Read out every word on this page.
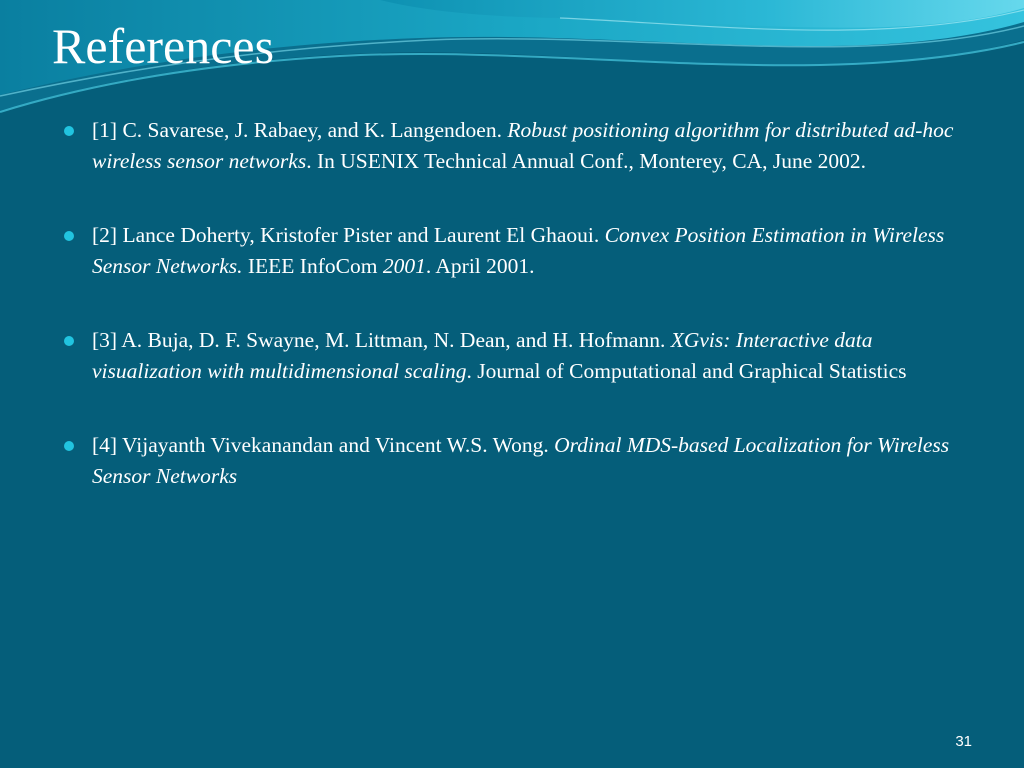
References
[1] C. Savarese, J. Rabaey, and K. Langendoen. Robust positioning algorithm for distributed ad-hoc wireless sensor networks. In USENIX Technical Annual Conf., Monterey, CA, June 2002.
[2] Lance Doherty, Kristofer Pister and Laurent El Ghaoui. Convex Position Estimation in Wireless Sensor Networks. IEEE InfoCom 2001. April 2001.
[3] A. Buja, D. F. Swayne, M. Littman, N. Dean, and H. Hofmann. XGvis: Interactive data visualization with multidimensional scaling. Journal of Computational and Graphical Statistics
[4] Vijayanth Vivekanandan and Vincent W.S. Wong. Ordinal MDS-based Localization for Wireless Sensor Networks
31
